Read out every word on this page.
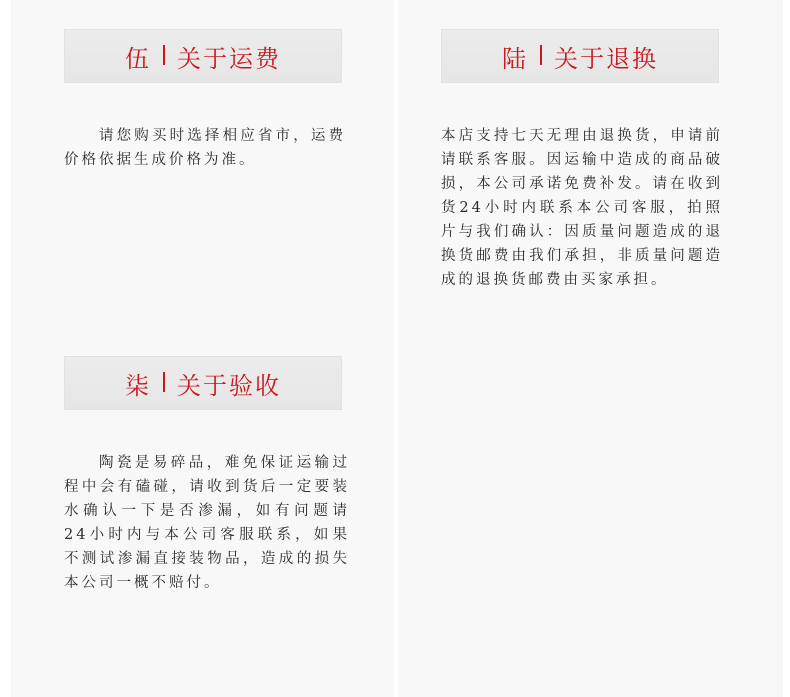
伍 关于运费
请您购买时选择相应省市，运费价格依据生成价格为准。
陆 关于退换
本店支持七天无理由退换货，申请前请联系客服。因运输中造成的商品破损，本公司承诺免费补发。请在收到货24小时内联系本公司客服，拍照片与我们确认：因质量问题造成的退换货邮费由我们承担，非质量问题造成的退换货邮费由买家承担。
柒 关于验收
陶瓷是易碎品，难免保证运输过程中会有磕碰，请收到货后一定要装水确认一下是否渗漏，如有问题请24小时内与本公司客服联系，如果不测试渗漏直接装物品，造成的损失本公司一概不赔付。
